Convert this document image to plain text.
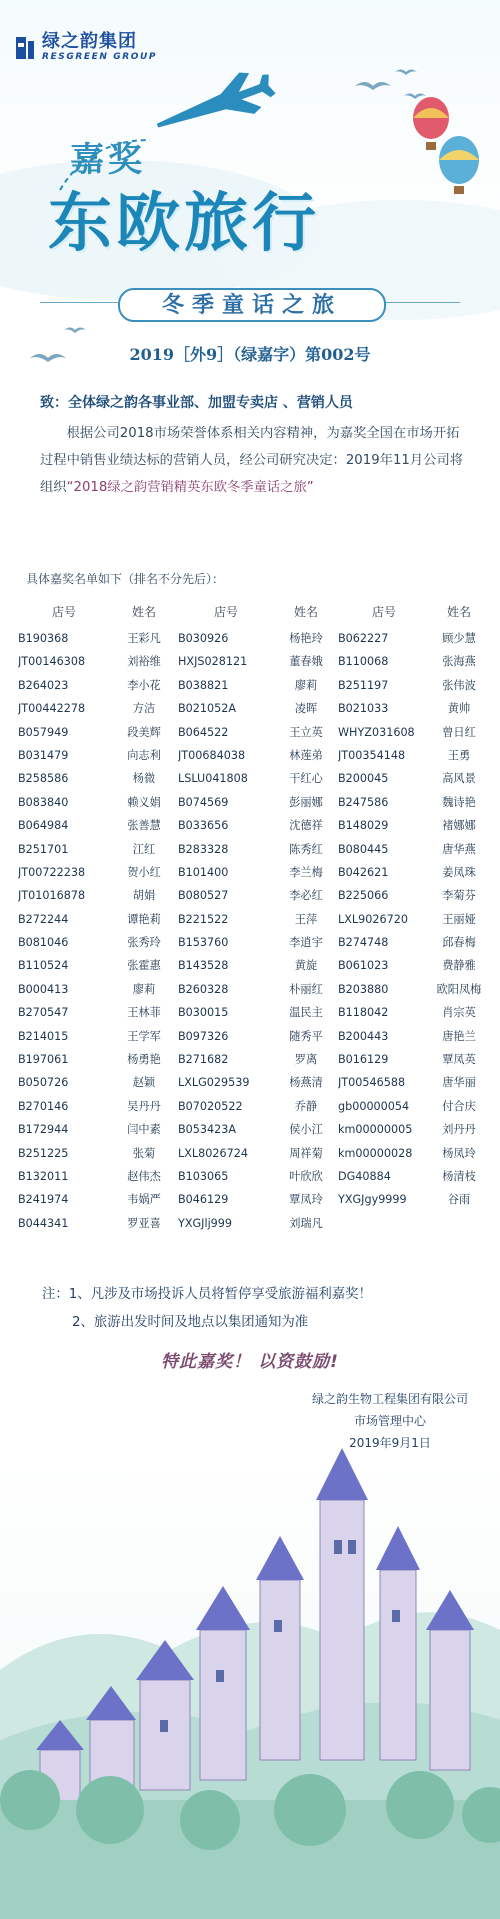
绿之韵集团
RESGREEN GROUP
嘉奖
东欧旅行
冬季童话之旅
2019［外9］（绿嘉字）第002号
致：全体绿之韵各事业部、加盟专卖店 、营销人员
根据公司2018市场荣誉体系相关内容精神，为嘉奖全国在市场开拓过程中销售业绩达标的营销人员，经公司研究决定：2019年11月公司将组织“2018绿之韵营销精英东欧冬季童话之旅”
具体嘉奖名单如下（排名不分先后）：
店号	姓名	店号	姓名	店号	姓名
B190368	王彩凡	B030926	杨艳玲	B062227	顾少慧
JT00146308	刘裕维	HXJS028121	董春娥	B110068	张海燕
B264023	李小花	B038821	廖莉	B251197	张伟波
JT00442278	方洁	B021052A	凌晖	B021033	黄帅
B057949	段美辉	B064522	王立英	WHYZ031608	曾日红
B031479	向志利	JT00684038	林莲弟	JT00354148	王勇
B258586	杨微	LSLU041808	干红心	B200045	高风景
B083840	赖义娟	B074569	彭丽娜	B247586	魏诗艳
B064984	张善慧	B033656	沈德祥	B148029	褚娜娜
B251701	江红	B283328	陈秀红	B080445	唐华燕
JT00722238	贺小红	B101400	李兰梅	B042621	姜凤珠
JT01016878	胡娟	B080527	李必红	B225066	李菊芬
B272244	谭艳莉	B221522	王萍	LXL9026720	王丽娅
B081046	张秀玲	B153760	李逍宇	B274748	邱春梅
B110524	张霍惠	B143528	黄旋	B061023	费静雅
B000413	廖莉	B260328	朴丽红	B203880	欧阳凤梅
B270547	王林菲	B030015	温民主	B118042	肖宗英
B214015	王学军	B097326	随秀平	B200443	唐艳兰
B197061	杨勇艳	B271682	罗离	B016129	覃凤英
B050726	赵颖	LXLG029539	杨燕清	JT00546588	唐华丽
B270146	吴丹丹	B07020522	乔静	gb00000054	付合庆
B172944	闫中素	B053423A	侯小江	km00000005	刘丹丹
B251225	张菊	LXL8026724	周祥菊	km00000028	杨凤玲
B132011	赵伟杰	B103065	叶欣欣	DG40884	杨清枝
B241974	韦娲严	B046129	覃凤玲	YXGJgy9999	谷雨
B044341	罗亚喜	YXGJlj999	刘瑞凡
注：1、凡涉及市场投诉人员将暂停享受旅游福利嘉奖！
2、旅游出发时间及地点以集团通知为准
特此嘉奖！ 以资鼓励!
绿之韵生物工程集团有限公司
市场管理中心
2019年9月1日
